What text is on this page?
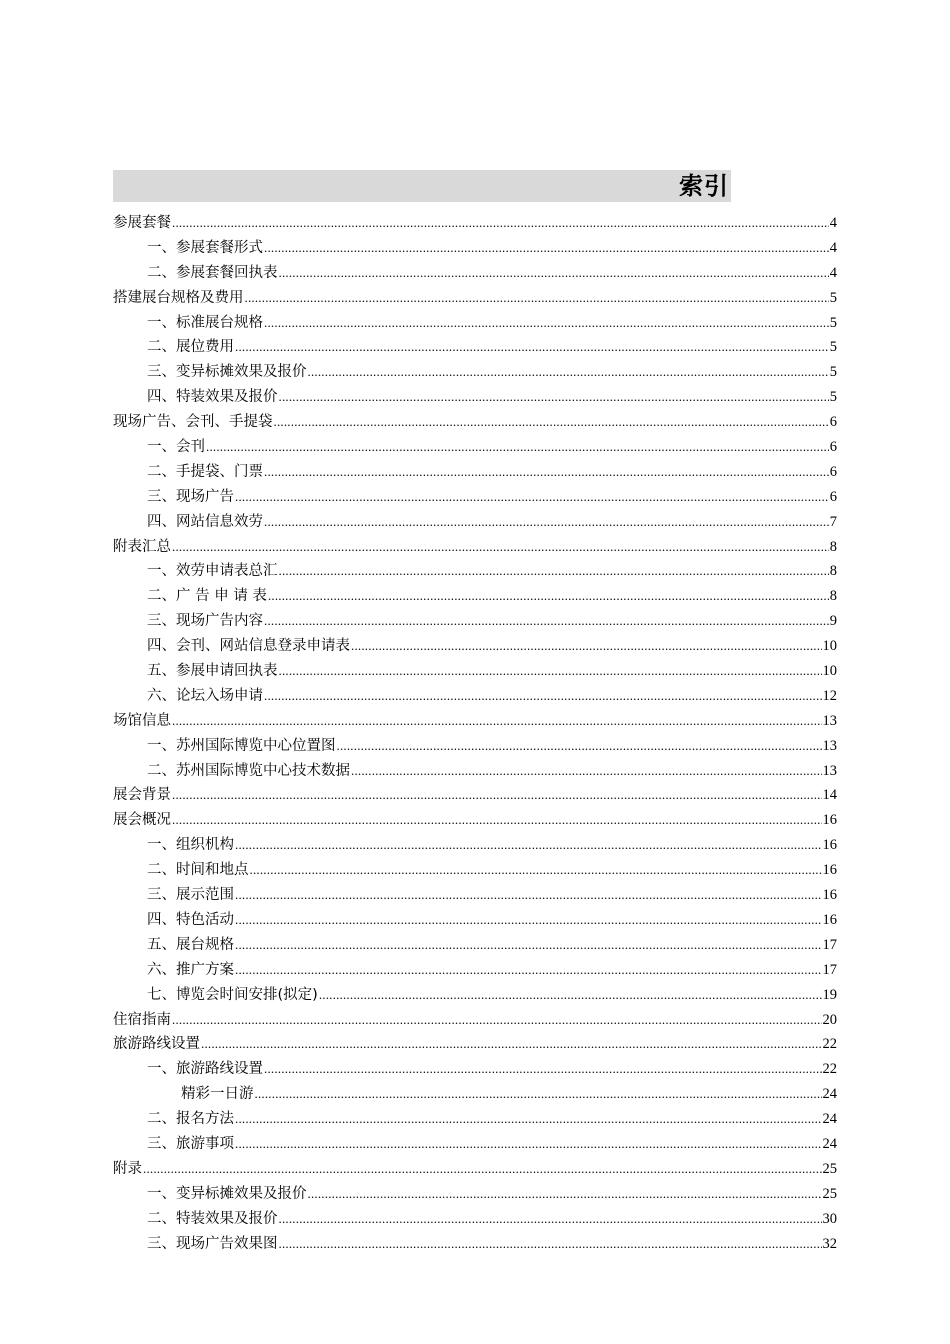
索引
参展套餐 .....	4
一、参展套餐形式 .....	4
二、参展套餐回执表 .....	4
搭建展台规格及费用 .....	5
一、标准展台规格 .....	5
二、展位费用 .....	5
三、变异标摊效果及报价 .....	5
四、特装效果及报价 .....	5
现场广告、会刊、手提袋 .....	6
一、会刊 .....	6
二、手提袋、门票 .....	6
三、现场广告 .....	6
四、网站信息效劳 .....	7
附表汇总 .....	8
一、效劳申请表总汇 .....	8
二、广 告 申 请 表 .....	8
三、现场广告内容 .....	9
四、会刊、网站信息登录申请表 .....	10
五、参展申请回执表 .....	10
六、论坛入场申请 .....	12
场馆信息 .....	13
一、苏州国际博览中心位置图 .....	13
二、苏州国际博览中心技术数据 .....	13
展会背景 .....	14
展会概况 .....	16
一、组织机构 .....	16
二、时间和地点 .....	16
三、展示范围 .....	16
四、特色活动 .....	16
五、展台规格 .....	17
六、推广方案 .....	17
七、博览会时间安排(拟定) .....	19
住宿指南 .....	20
旅游路线设置 .....	22
一、旅游路线设置 .....	22
精彩一日游 .....	24
二、报名方法 .....	24
三、旅游事项 .....	24
附录 .....	25
一、变异标摊效果及报价 .....	25
二、特装效果及报价 .....	30
三、现场广告效果图 .....	32
